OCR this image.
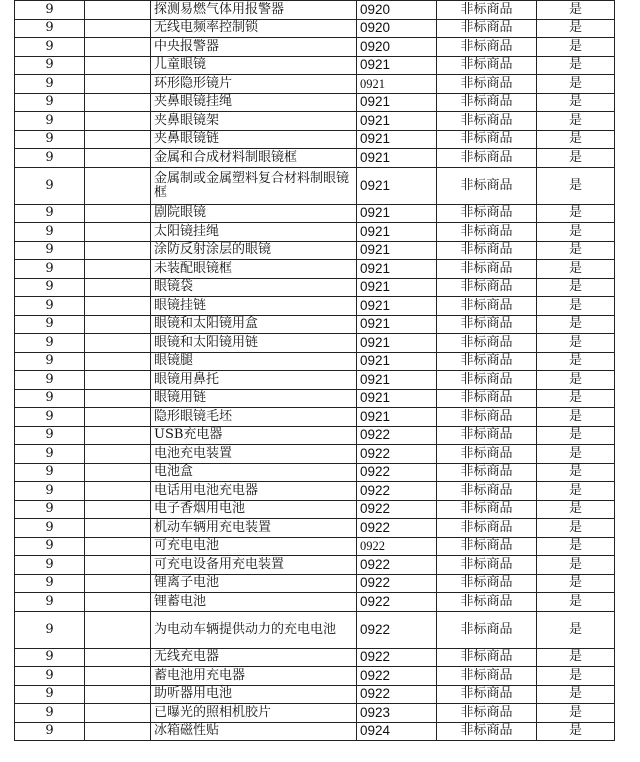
9		探测易燃气体用报警器	0920	非标商品	是
9		无线电频率控制锁	0920	非标商品	是
9		中央报警器	0920	非标商品	是
9		儿童眼镜	0921	非标商品	是
9		环形隐形镜片	0921	非标商品	是
9		夹鼻眼镜挂绳	0921	非标商品	是
9		夹鼻眼镜架	0921	非标商品	是
9		夹鼻眼镜链	0921	非标商品	是
9		金属和合成材料制眼镜框	0921	非标商品	是
9		金属制或金属塑料复合材料制眼镜框	0921	非标商品	是
9		剧院眼镜	0921	非标商品	是
9		太阳镜挂绳	0921	非标商品	是
9		涂防反射涂层的眼镜	0921	非标商品	是
9		未装配眼镜框	0921	非标商品	是
9		眼镜袋	0921	非标商品	是
9		眼镜挂链	0921	非标商品	是
9		眼镜和太阳镜用盒	0921	非标商品	是
9		眼镜和太阳镜用链	0921	非标商品	是
9		眼镜腿	0921	非标商品	是
9		眼镜用鼻托	0921	非标商品	是
9		眼镜用链	0921	非标商品	是
9		隐形眼镜毛坯	0921	非标商品	是
9		USB充电器	0922	非标商品	是
9		电池充电装置	0922	非标商品	是
9		电池盒	0922	非标商品	是
9		电话用电池充电器	0922	非标商品	是
9		电子香烟用电池	0922	非标商品	是
9		机动车辆用充电装置	0922	非标商品	是
9		可充电电池	0922	非标商品	是
9		可充电设备用充电装置	0922	非标商品	是
9		锂离子电池	0922	非标商品	是
9		锂蓄电池	0922	非标商品	是
9		为电动车辆提供动力的充电电池	0922	非标商品	是
9		无线充电器	0922	非标商品	是
9		蓄电池用充电器	0922	非标商品	是
9		助听器用电池	0922	非标商品	是
9		已曝光的照相机胶片	0923	非标商品	是
9		冰箱磁性贴	0924	非标商品	是
